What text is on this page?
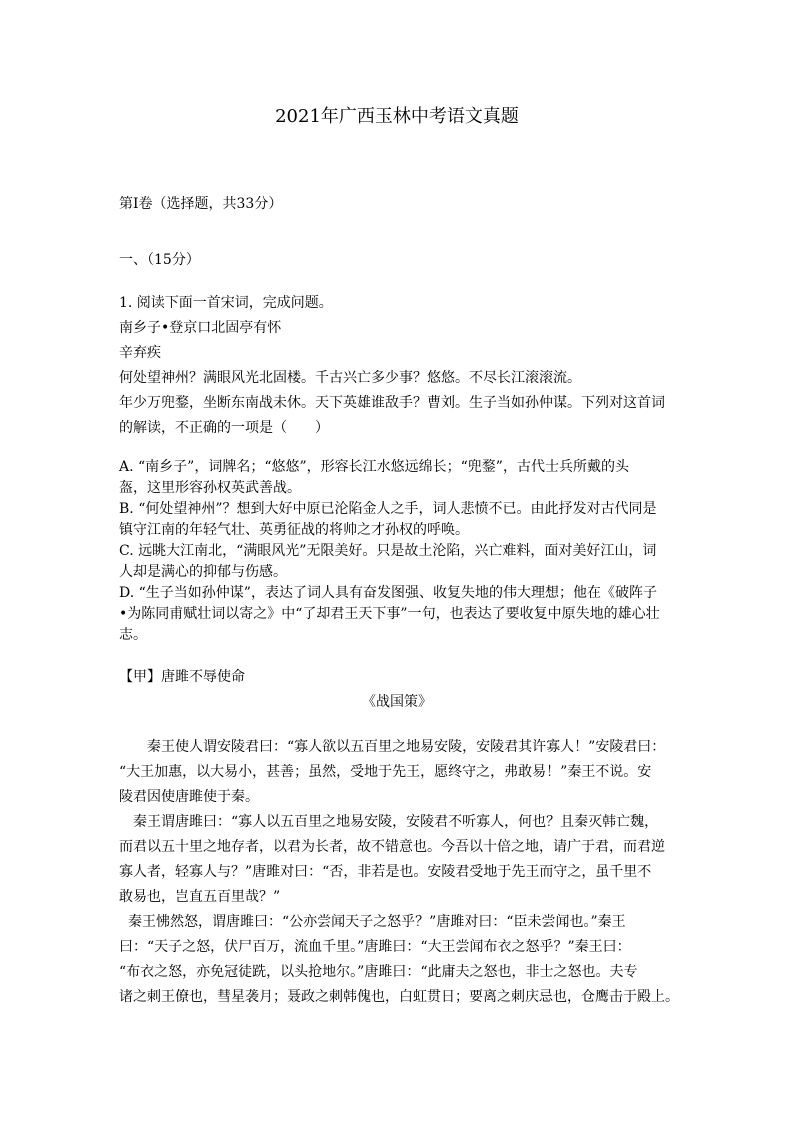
2021年广西玉林中考语文真题
第I卷（选择题，共33分）
一、（15分）
1. 阅读下面一首宋词，完成问题。
南乡子•登京口北固亭有怀
辛弃疾
何处望神州？满眼风光北固楼。千古兴亡多少事？悠悠。不尽长江滚滚流。
年少万兜鍪，坐断东南战未休。天下英雄谁敌手？曹刘。生子当如孙仲谋。下列对这首词
的解读，不正确的一项是（　　）
A. “南乡子”，词牌名；“悠悠”，形容长江水悠远绵长；“兜鍪”，古代士兵所戴的头
盔，这里形容孙权英武善战。
B. “何处望神州”？想到大好中原已沦陷金人之手，词人悲愤不已。由此抒发对古代同是
镇守江南的年轻气壮、英勇征战的将帅之才孙权的呼唤。
C. 远眺大江南北，“满眼风光”无限美好。只是故土沦陷，兴亡难料，面对美好江山，词
人却是满心的抑郁与伤感。
D. “生子当如孙仲谋”，表达了词人具有奋发图强、收复失地的伟大理想；他在《破阵子
•为陈同甫赋壮词以寄之》中“了却君王天下事”一句，也表达了要收复中原失地的雄心壮
志。
【甲】唐雎不辱使命
《战国策》
秦王使人谓安陵君曰：“寡人欲以五百里之地易安陵，安陵君其许寡人！”安陵君曰：
“大王加惠，以大易小，甚善；虽然，受地于先王，愿终守之，弗敢易！”秦王不说。安
陵君因使唐雎使于秦。
秦王谓唐雎曰：“寡人以五百里之地易安陵，安陵君不听寡人，何也？且秦灭韩亡魏，
而君以五十里之地存者，以君为长者，故不错意也。今吾以十倍之地，请广于君，而君逆
寡人者，轻寡人与？”唐雎对曰：“否，非若是也。安陵君受地于先王而守之，虽千里不
敢易也，岂直五百里哉？”
秦王怫然怒，谓唐雎曰：“公亦尝闻天子之怒乎？”唐雎对曰：“臣未尝闻也。”秦王
曰：“天子之怒，伏尸百万，流血千里。”唐雎曰：“大王尝闻布衣之怒乎？”秦王曰：
“布衣之怒，亦免冠徒跣，以头抢地尔。”唐雎曰：“此庸夫之怒也，非士之怒也。夫专
诸之刺王僚也，彗星袭月；聂政之刺韩傀也，白虹贯日；要离之刺庆忌也，仓鹰击于殿上。
